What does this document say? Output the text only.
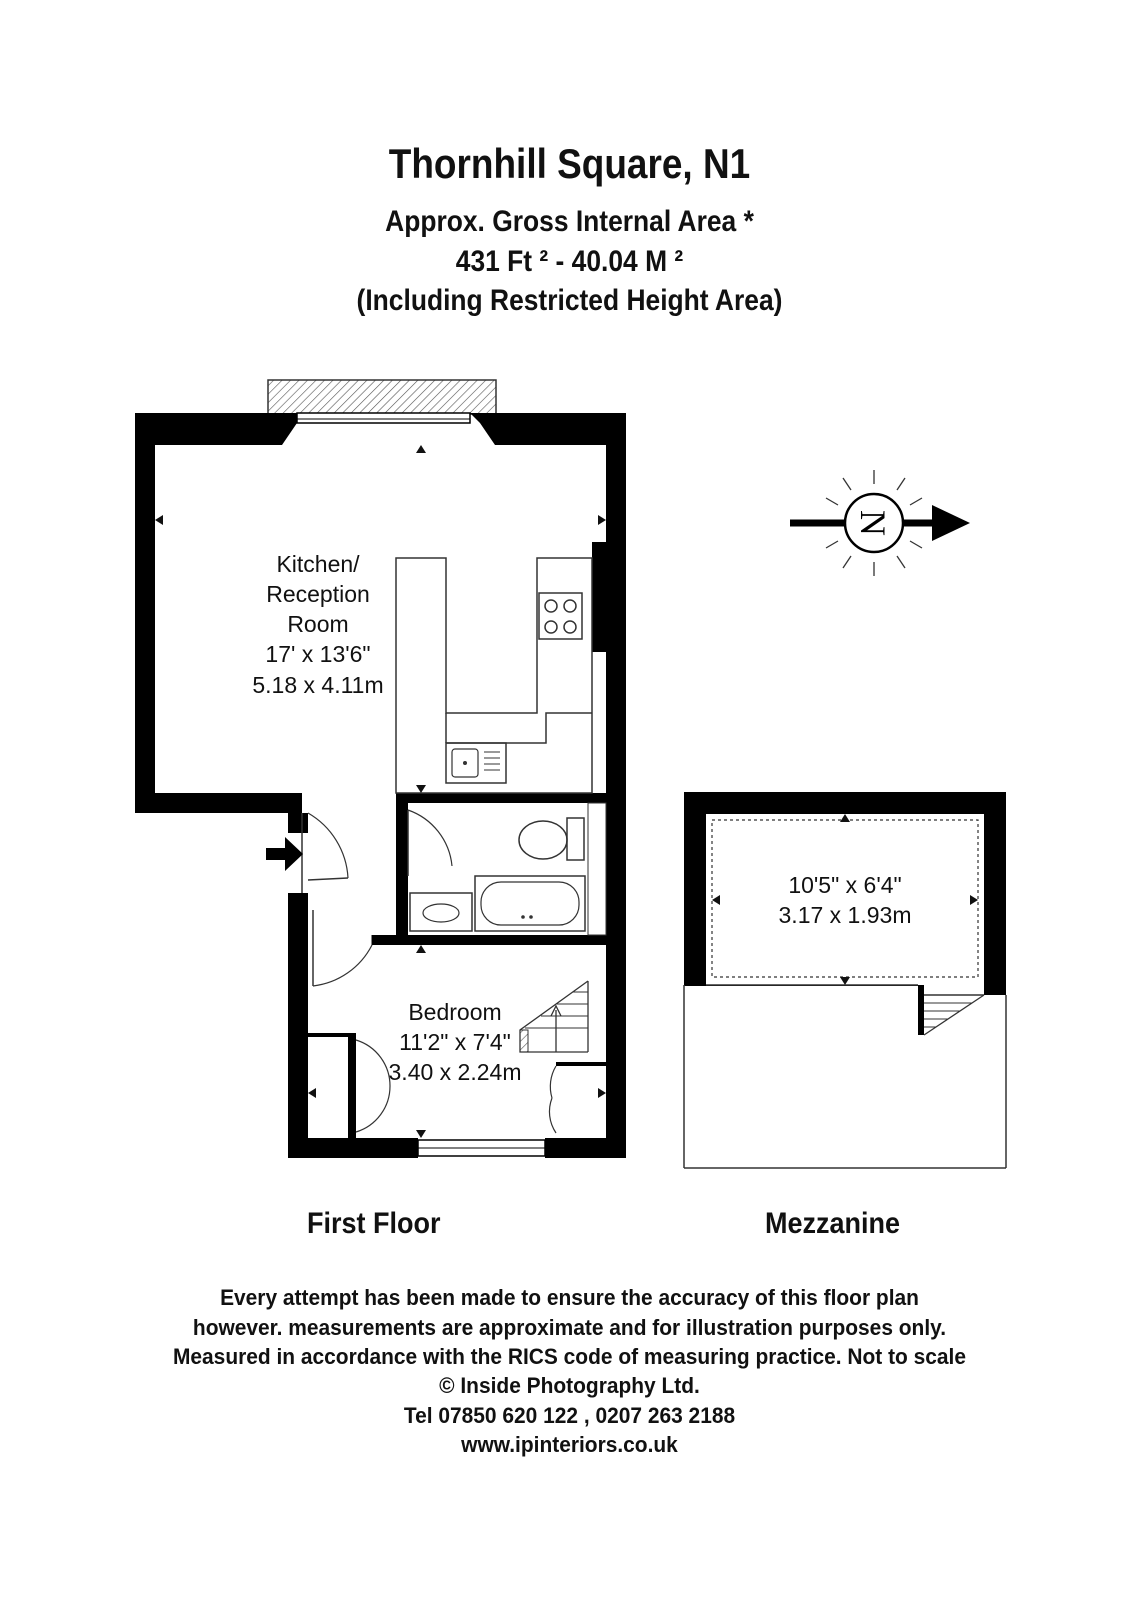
Thornhill Square, N1
Approx. Gross Internal Area *
431 Ft ² - 40.04 M ²
(Including Restricted Height Area)
Kitchen/
Reception
Room
17' x 13'6"
5.18 x 4.11m
Bedroom
11'2" x 7'4"
3.40 x 2.24m
10'5" x 6'4"
3.17 x 1.93m
N
First Floor	Mezzanine
Every attempt has been made to ensure the accuracy of this floor plan
however. measurements are approximate and for illustration purposes only.
Measured in accordance with the RICS code of measuring practice. Not to scale
© Inside Photography Ltd.
Tel 07850 620 122 , 0207 263 2188
www.ipinteriors.co.uk
